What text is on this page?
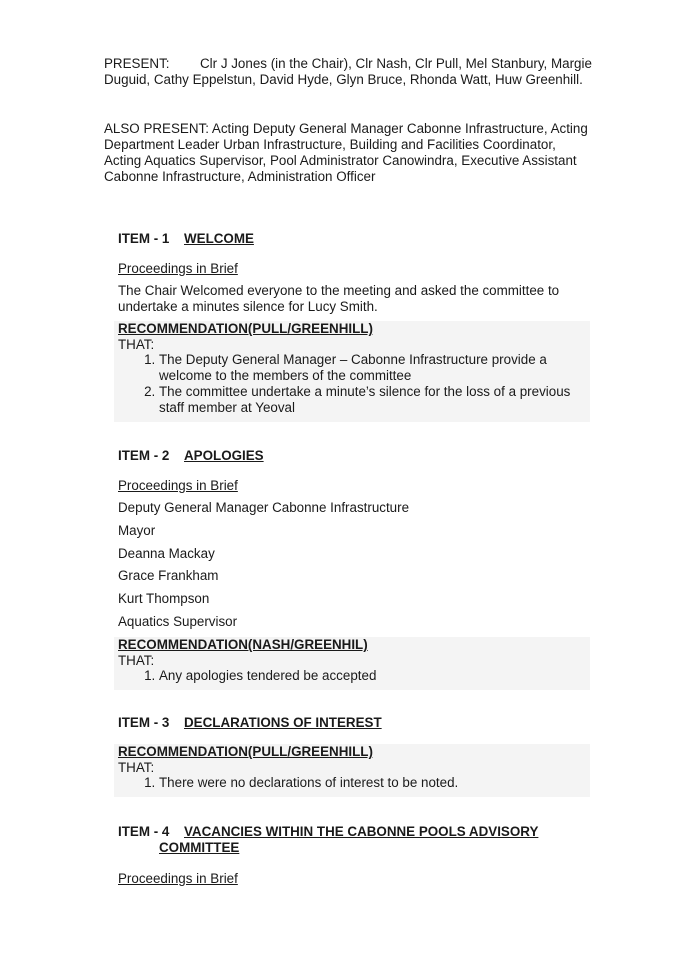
PRESENT: Clr J Jones (in the Chair), Clr Nash, Clr Pull, Mel Stanbury, Margie Duguid, Cathy Eppelstun, David Hyde, Glyn Bruce, Rhonda Watt, Huw Greenhill.
ALSO PRESENT: Acting Deputy General Manager Cabonne Infrastructure, Acting Department Leader Urban Infrastructure, Building and Facilities Coordinator, Acting Aquatics Supervisor, Pool Administrator Canowindra, Executive Assistant Cabonne Infrastructure, Administration Officer
ITEM - 1 WELCOME
Proceedings in Brief
The Chair Welcomed everyone to the meeting and asked the committee to undertake a minutes silence for Lucy Smith.
RECOMMENDATION(PULL/GREENHILL)
THAT:
1. The Deputy General Manager – Cabonne Infrastructure provide a welcome to the members of the committee
2. The committee undertake a minute’s silence for the loss of a previous staff member at Yeoval
ITEM - 2 APOLOGIES
Proceedings in Brief
Deputy General Manager Cabonne Infrastructure
Mayor
Deanna Mackay
Grace Frankham
Kurt Thompson
Aquatics Supervisor
RECOMMENDATION(NASH/GREENHIL)
THAT:
1. Any apologies tendered be accepted
ITEM - 3 DECLARATIONS OF INTEREST
RECOMMENDATION(PULL/GREENHILL)
THAT:
1. There were no declarations of interest to be noted.
ITEM - 4 VACANCIES WITHIN THE CABONNE POOLS ADVISORY
COMMITTEE
Proceedings in Brief
